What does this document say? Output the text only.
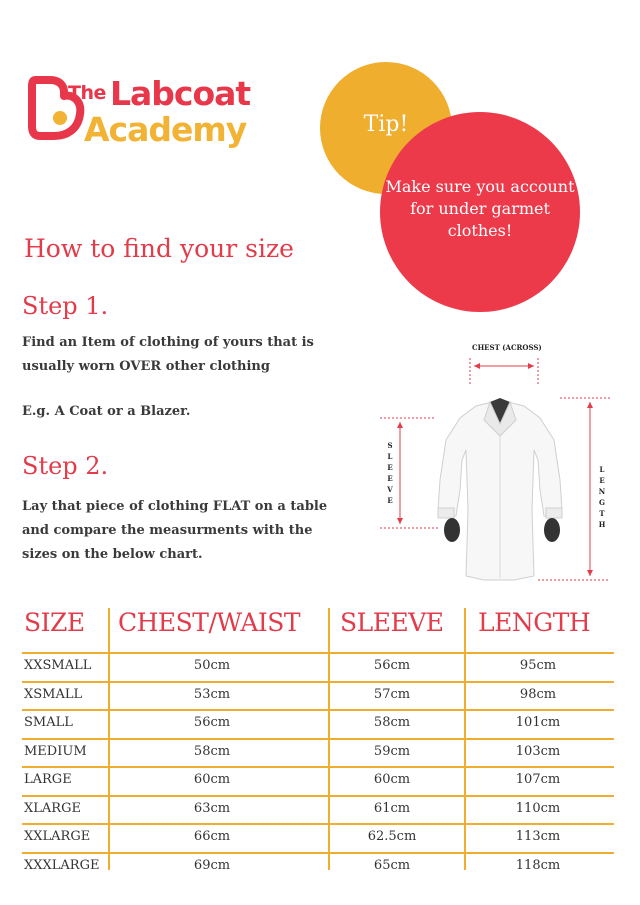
The Labcoat
Academy	Tip!
Make sure you account for under garmet clothes!
How to find your size
Step 1.
Find an Item of clothing of yours that is usually worn OVER other clothing
E.g. A Coat or a Blazer.
Step 2.
Lay that piece of clothing FLAT on a table and compare the measurments with the sizes on the below chart.
CHEST (ACROSS)
SLEEVE
LENGTH
SIZE CHEST/WAIST SLEEVE LENGTH
XXSMALL	50cm	56cm	95cm
XSMALL	53cm	57cm	98cm
SMALL	56cm	58cm	101cm
MEDIUM	58cm	59cm	103cm
LARGE	60cm	60cm	107cm
XLARGE	63cm	61cm	110cm
XXLARGE	66cm	62.5cm	113cm
XXXLARGE	69cm	65cm	118cm
